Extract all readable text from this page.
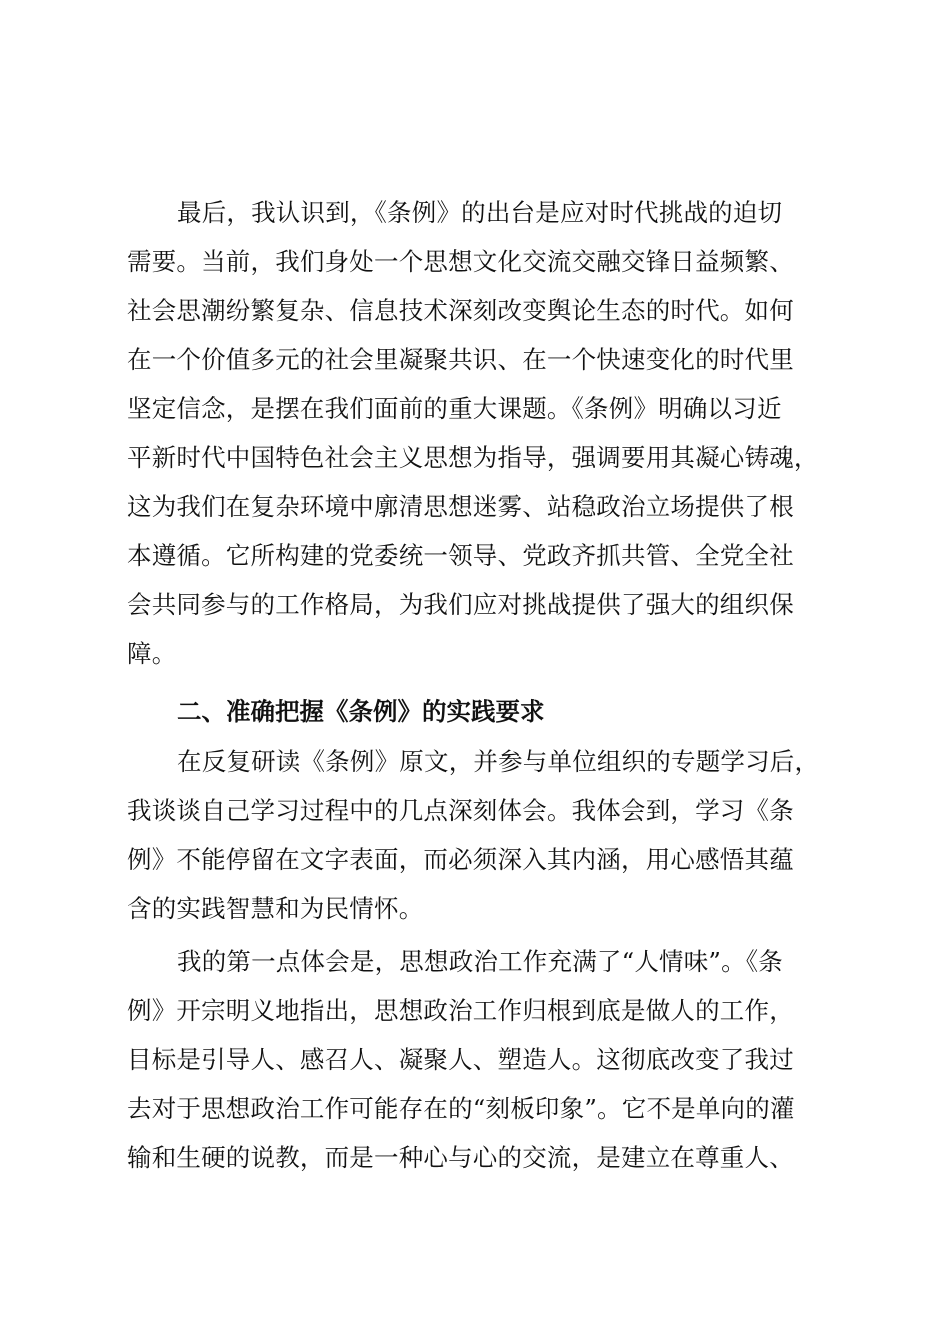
最后，我认识到，《条例》的出台是应对时代挑战的迫切
需要。当前，我们身处一个思想文化交流交融交锋日益频繁、
社会思潮纷繁复杂、信息技术深刻改变舆论生态的时代。如何
在一个价值多元的社会里凝聚共识、在一个快速变化的时代里
坚定信念，是摆在我们面前的重大课题。《条例》明确以习近
平新时代中国特色社会主义思想为指导，强调要用其凝心铸魂，
这为我们在复杂环境中廓清思想迷雾、站稳政治立场提供了根
本遵循。它所构建的党委统一领导、党政齐抓共管、全党全社
会共同参与的工作格局，为我们应对挑战提供了强大的组织保
障。
二、准确把握《条例》的实践要求
在反复研读《条例》原文，并参与单位组织的专题学习后，
我谈谈自己学习过程中的几点深刻体会。我体会到，学习《条
例》不能停留在文字表面，而必须深入其内涵，用心感悟其蕴
含的实践智慧和为民情怀。
我的第一点体会是，思想政治工作充满了“人情味”。《条
例》开宗明义地指出，思想政治工作归根到底是做人的工作，
目标是引导人、感召人、凝聚人、塑造人。这彻底改变了我过
去对于思想政治工作可能存在的“刻板印象”。它不是单向的灌
输和生硬的说教，而是一种心与心的交流，是建立在尊重人、
